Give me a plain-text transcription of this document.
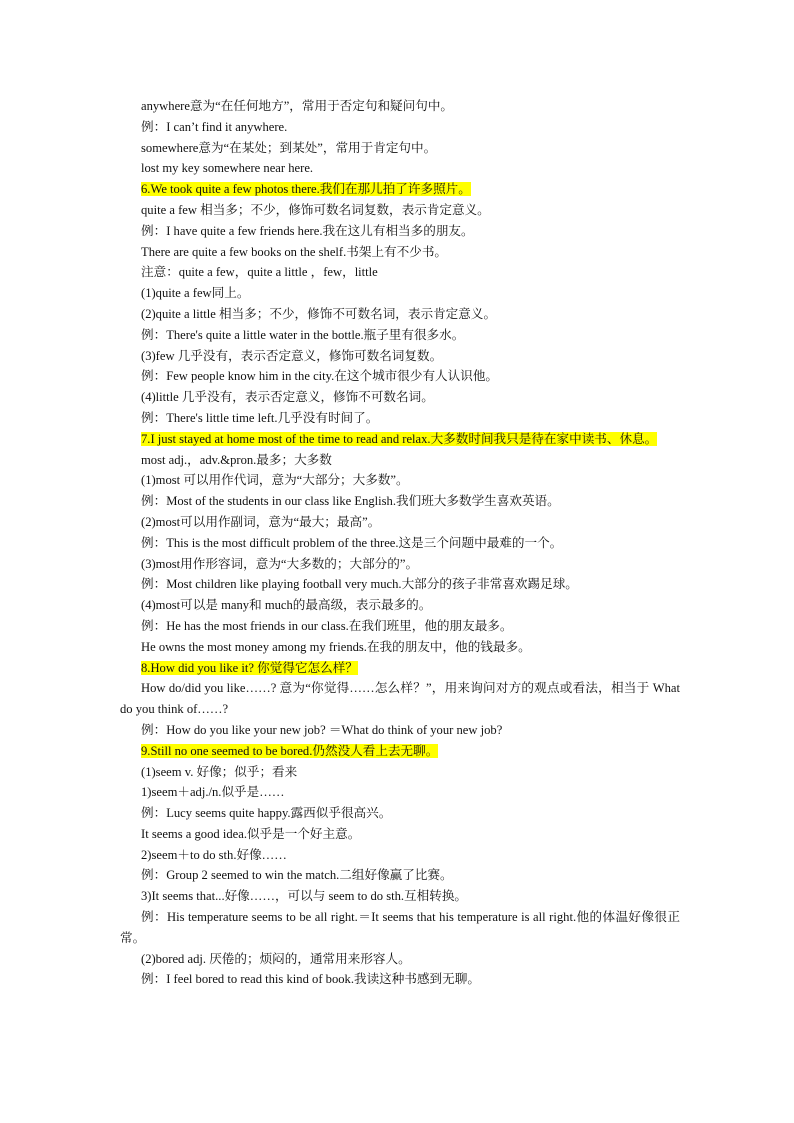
anywhere意为“在任何地方”，常用于否定句和疑问句中。
例：I can’t find it anywhere.
somewhere意为“在某处；到某处”，常用于肯定句中。
lost my key somewhere near here.
6.We took quite a few photos there.我们在那儿拍了许多照片。
quite a few 相当多；不少，修饰可数名词复数，表示肯定意义。
例：I have quite a few friends here.我在这儿有相当多的朋友。
There are quite a few books on the shelf.书架上有不少书。
注意：quite a few，quite a little ，few，little
(1)quite a few同上。
(2)quite a little 相当多；不少，修饰不可数名词，表示肯定意义。
例：There's quite a little water in the bottle.瓶子里有很多水。
(3)few 几乎没有，表示否定意义，修饰可数名词复数。
例：Few people know him in the city.在这个城市很少有人认识他。
(4)little 几乎没有，表示否定意义，修饰不可数名词。
例：There's little time left.几乎没有时间了。
7.I just stayed at home most of the time to read and relax.大多数时间我只是待在家中读书、休息。
most adj.，adv.&pron.最多；大多数
(1)most 可以用作代词，意为“大部分；大多数”。
例：Most of the students in our class like English.我们班大多数学生喜欢英语。
(2)most可以用作副词，意为“最大；最高”。
例：This is the most difficult problem of the three.这是三个问题中最难的一个。
(3)most用作形容词，意为“大多数的；大部分的”。
例：Most children like playing football very much.大部分的孩子非常喜欢踢足球。
(4)most可以是 many和 much的最高级，表示最多的。
例：He has the most friends in our class.在我们班里，他的朋友最多。
He owns the most money among my friends.在我的朋友中，他的钱最多。
8.How did you like it? 你觉得它怎么样？
How do/did you like……? 意为“你觉得……怎么样？”，用来询问对方的观点或看法，相当于 What do you think of……?
例：How do you like your new job? ＝What do think of your new job?
9.Still no one seemed to be bored.仍然没人看上去无聊。
(1)seem v. 好像；似乎；看来
1)seem＋adj./n.似乎是……
例：Lucy seems quite happy.露西似乎很高兴。
It seems a good idea.似乎是一个好主意。
2)seem＋to do sth.好像……
例：Group 2 seemed to win the match.二组好像赢了比赛。
3)It seems that...好像……，可以与 seem to do sth.互相转换。
例：His temperature seems to be all right.＝It seems that his temperature is all right.他的体温好像很正常。
(2)bored adj. 厌倦的；烦闷的，通常用来形容人。
例：I feel bored to read this kind of book.我读这种书感到无聊。
